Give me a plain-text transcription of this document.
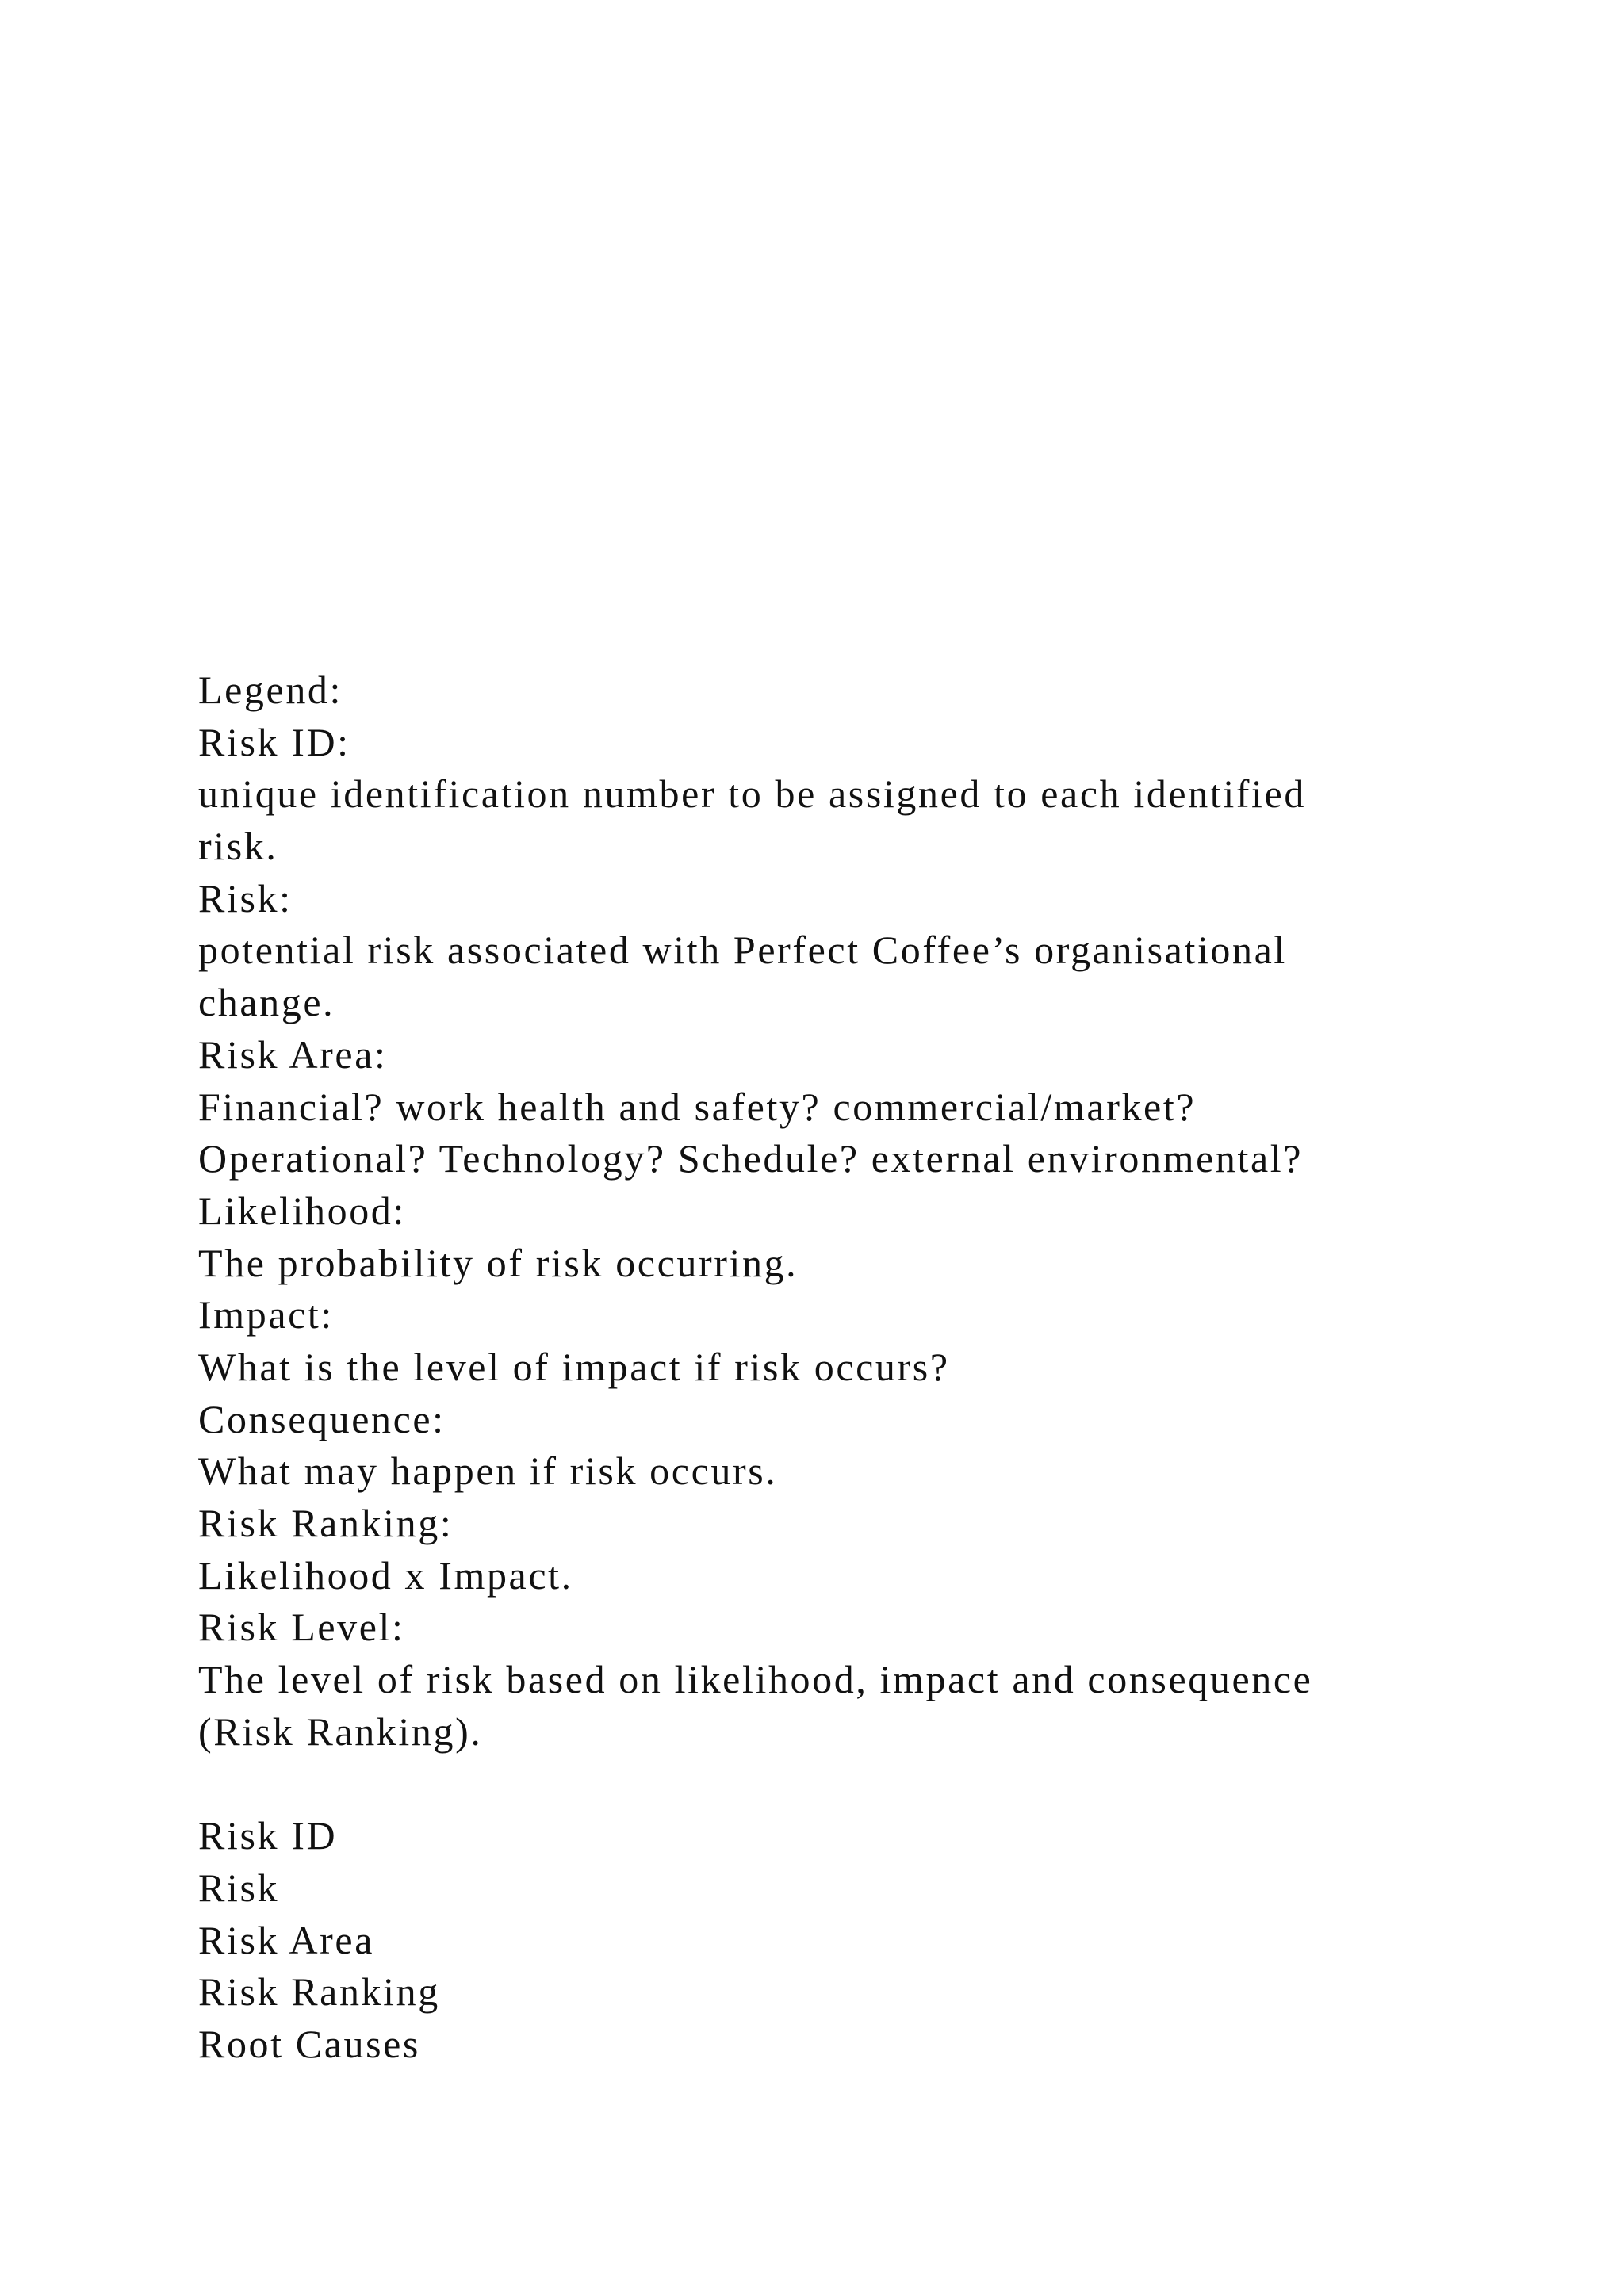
Legend:
Risk ID:
unique identification number to be assigned to each identified
risk.
Risk:
potential risk associated with Perfect Coffee’s organisational
change.
Risk Area:
Financial? work health and safety? commercial/market?
Operational? Technology? Schedule? external environmental?
Likelihood:
The probability of risk occurring.
Impact:
What is the level of impact if risk occurs?
Consequence:
What may happen if risk occurs.
Risk Ranking:
Likelihood x Impact.
Risk Level:
The level of risk based on likelihood, impact and consequence
(Risk Ranking).
Risk ID
Risk
Risk Area
Risk Ranking
Root Causes
